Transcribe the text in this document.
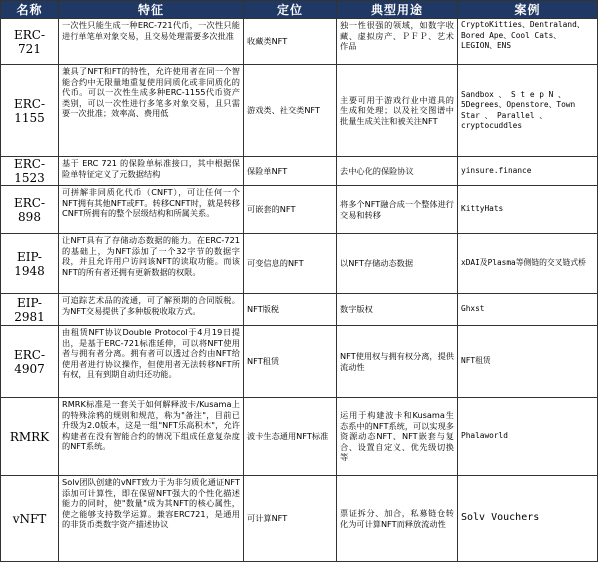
名称	特征	定位	典型用途	案例
ERC-721	一次性只能生成一种ERC-721代币，一次性只能进行单笔单对象交易，且交易处理需要多次批准	收藏类NFT	独一性很强的领域，如数字收藏、虚拟房产、ＰＦＰ、艺术作品	CryptoKitties、Dentraland、Bored Ape、Cool Cats、LEGION、ENS
ERC-1155	兼具了NFT和FT的特性，允许使用者在同一个智能合约中无限量地重复使用同质化或非同质化的代币。可以一次性生成多种ERC-1155代币资产类别，可以一次性进行多笔多对象交易，且只需要一次批准；效率高、费用低	游戏类、社交类NFT	主要可用于游戏行业中道具的生成和处理；以及社交图谱中批量生成关注和被关注NFT	Sandbox 、 S t e p N 、 5Degrees、Openstore、Town Star 、 Parallel 、 cryptocuddles
ERC-1523	基于 ERC 721 的保险单标准接口，其中根据保险单特征定义了元数据结构	保险单NFT	去中心化的保险协议	yinsure.finance
ERC-898	可拼解非同质化代币（CNFT），可让任何一个NFT拥有其他NFT或FT。转移CNFT时，就是转移CNFT所拥有的整个层级结构和所属关系。	可嵌套的NFT	将多个NFT融合成一个整体进行交易和转移	KittyHats
EIP-1948	让NFT具有了存储动态数据的能力。在ERC-721的基础上，为NFT添加了一个32字节的数据字段，并且允许用户访问该NFT的读取功能。而该NFT的所有者还拥有更新数据的权限。	可变信息的NFT	以NFT存储动态数据	xDAI及Plasma等侧链的交叉链式桥
EIP-2981	可追踪艺术品的流通，可了解预期的合同版税。为NFT交易提供了多种版税收取方式。	NFT版税	数字版权	Ghxst
ERC-4907	由租赁NFT协议Double Protocol于4月19日提出，是基于ERC-721标准延伸，可以将NFT使用者与拥有者分离。拥有者可以透过合约由NFT给使用者进行协议操作，但使用者无法转移NFT所有权，且有到期自动归还功能。	NFT租赁	NFT使用权与拥有权分离，提供流动性	NFT租赁
RMRK	RMRK标准是一套关于如何解释波卡/Kusama上的特殊涂鸦的规则和规范，称为"备注"，目前已升级为2.0版本，这是一组"NFT乐高积木"，允许构建者在没有智能合约的情况下组成任意复杂度的NFT系统。	波卡生态通用NFT标准	运用于构建波卡和Kusama生态系中的NFT系统，可以实现多资源动态NFT、NFT嵌套与复合、设置自定义、优先级切换等	Phalaworld
vNFT	Solv团队创建的vNFT致力于为非匀质化通证NFT添加可计算性，即在保留NFT强大的个性化描述能力的同时，使"数量"成为其NFT的核心属性，使之能够支持数学运算。兼容ERC721，是通用的非货币类数字资产描述协议	可计算NFT	票证拆分、加合，私募链仓转化为可计算NFT而释放流动性	Solv Vouchers
